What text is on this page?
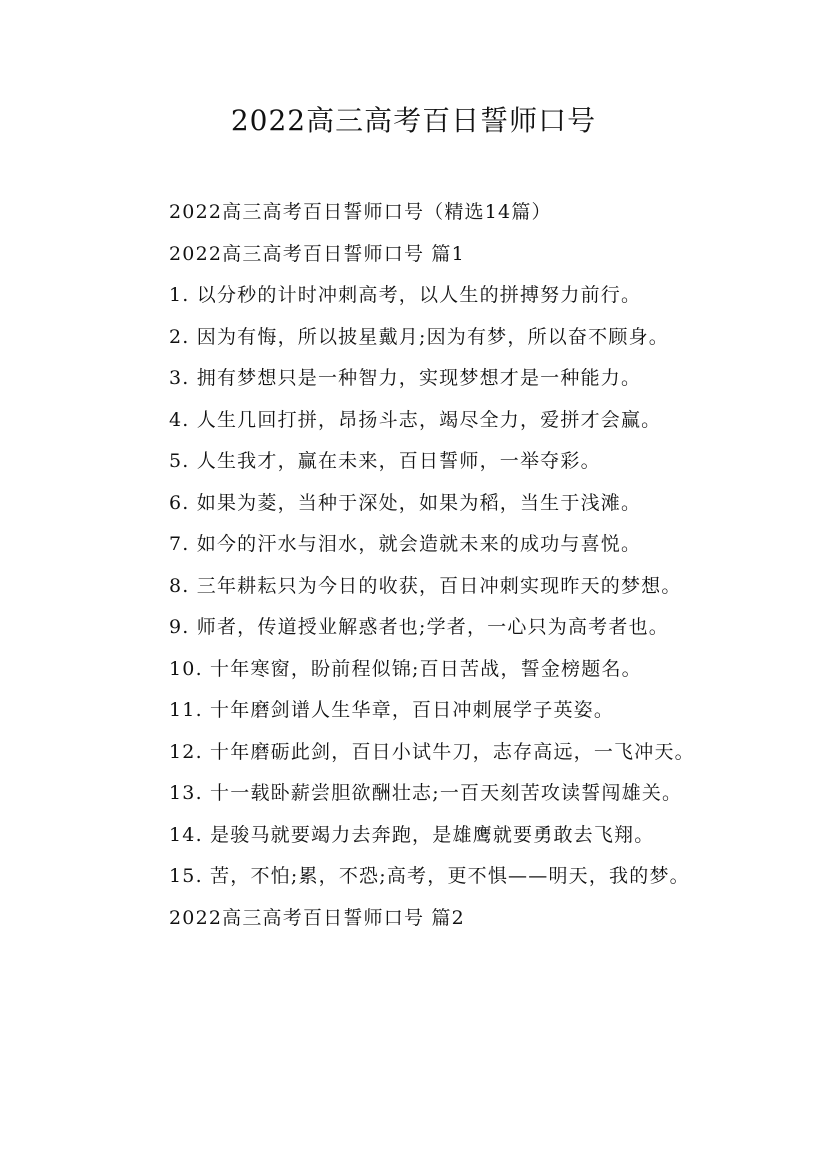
2022高三高考百日誓师口号

2022高三高考百日誓师口号（精选14篇）

2022高三高考百日誓师口号 篇1

1. 以分秒的计时冲刺高考，以人生的拼搏努力前行。

2. 因为有悔，所以披星戴月;因为有梦，所以奋不顾身。

3. 拥有梦想只是一种智力，实现梦想才是一种能力。

4. 人生几回打拼，昂扬斗志，竭尽全力，爱拼才会赢。

5. 人生我才，赢在未来，百日誓师，一举夺彩。

6. 如果为菱，当种于深处，如果为稻，当生于浅滩。

7. 如今的汗水与泪水，就会造就未来的成功与喜悦。

8. 三年耕耘只为今日的收获，百日冲刺实现昨天的梦想。

9. 师者，传道授业解惑者也;学者，一心只为高考者也。

10. 十年寒窗，盼前程似锦;百日苦战，誓金榜题名。

11. 十年磨剑谱人生华章，百日冲刺展学子英姿。

12. 十年磨砺此剑，百日小试牛刀，志存高远，一飞冲天。

13. 十一载卧薪尝胆欲酬壮志;一百天刻苦攻读誓闯雄关。

14. 是骏马就要竭力去奔跑，是雄鹰就要勇敢去飞翔。

15. 苦，不怕;累，不恐;高考，更不惧——明天，我的梦。

2022高三高考百日誓师口号 篇2
